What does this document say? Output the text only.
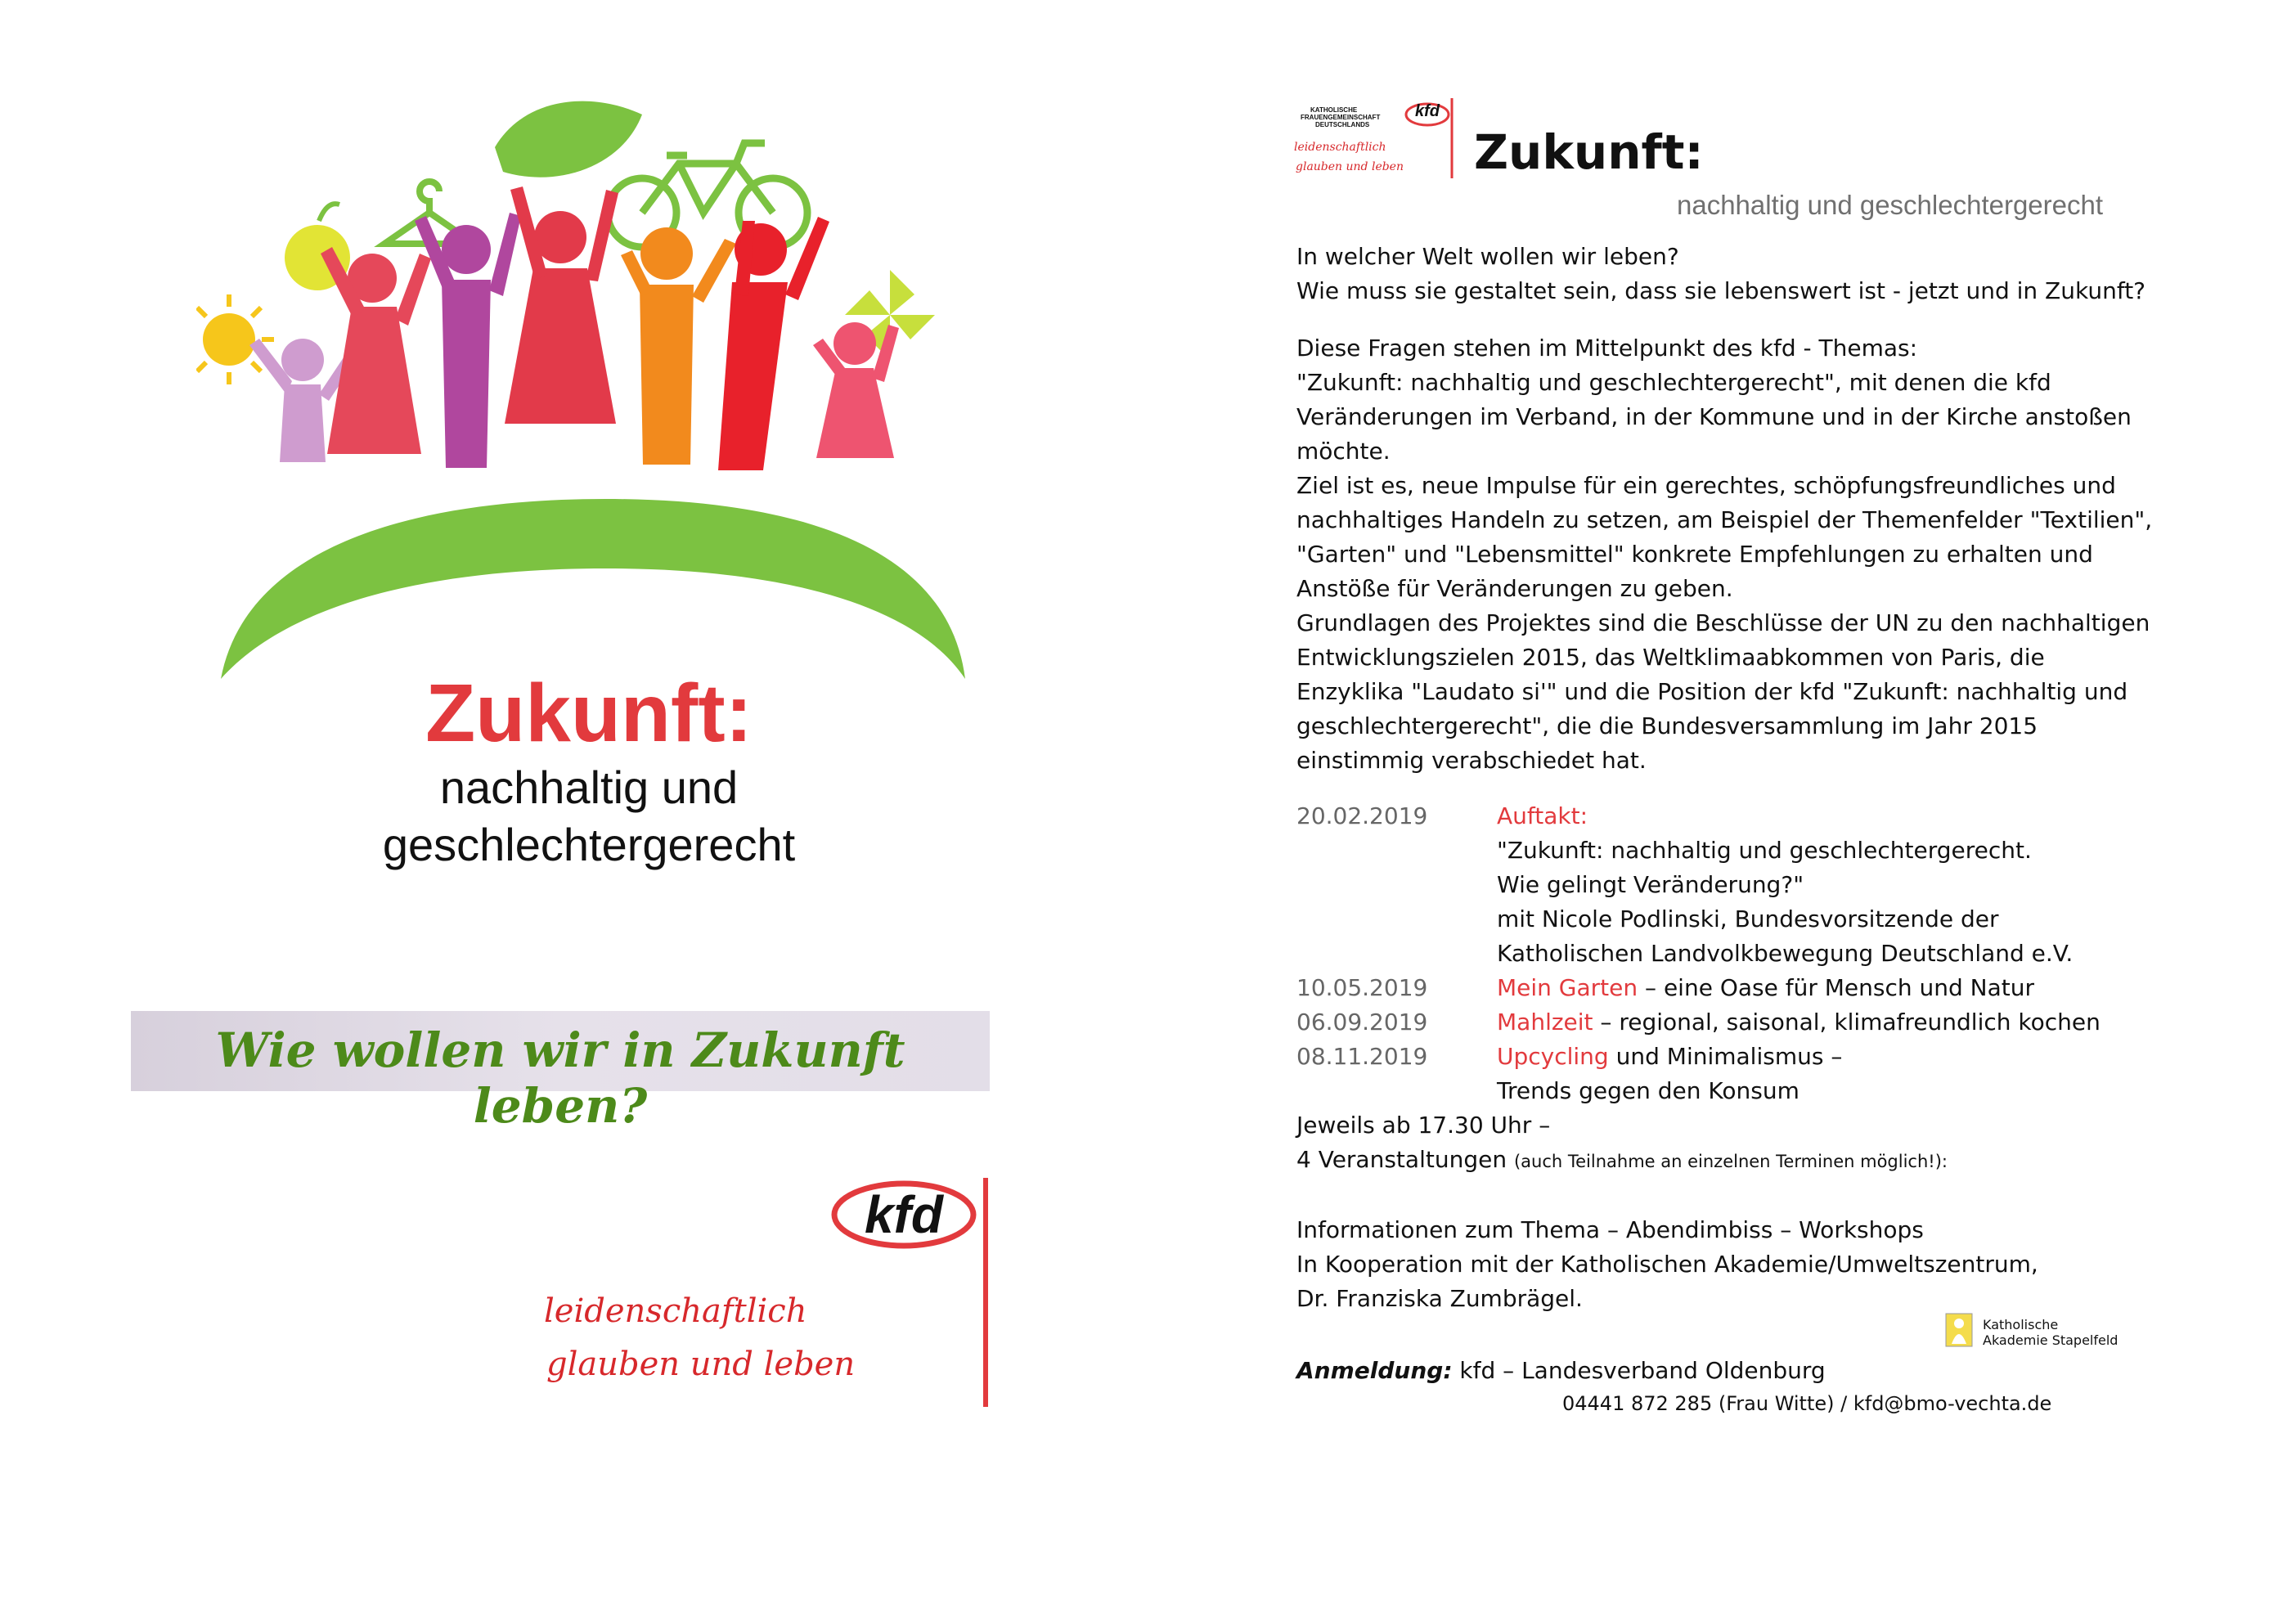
Zukunft:
nachhaltig und
geschlechtergerecht
Wie wollen wir in Zukunft leben?
kfd
leidenschaftlich
glauben und leben
KATHOLISCHE
FRAUENGEMEINSCHAFT
DEUTSCHLANDS
kfd
leidenschaftlich
glauben und leben Zukunft:
nachhaltig und geschlechtergerecht
In welcher Welt wollen wir leben?
Wie muss sie gestaltet sein, dass sie lebenswert ist - jetzt und in Zukunft?
Diese Fragen stehen im Mittelpunkt des kfd - Themas:
"Zukunft: nachhaltig und geschlechtergerecht", mit denen die kfd
Veränderungen im Verband, in der Kommune und in der Kirche anstoßen
möchte.
Ziel ist es, neue Impulse für ein gerechtes, schöpfungsfreundliches und
nachhaltiges Handeln zu setzen, am Beispiel der Themenfelder "Textilien",
"Garten" und "Lebensmittel" konkrete Empfehlungen zu erhalten und
Anstöße für Veränderungen zu geben.
Grundlagen des Projektes sind die Beschlüsse der UN zu den nachhaltigen
Entwicklungszielen 2015, das Weltklimaabkommen von Paris, die
Enzyklika "Laudato si'" und die Position der kfd "Zukunft: nachhaltig und
geschlechtergerecht", die die Bundesversammlung im Jahr 2015
einstimmig verabschiedet hat.
20.02.2019	Auftakt:
"Zukunft: nachhaltig und geschlechtergerecht.
Wie gelingt Veränderung?"
mit Nicole Podlinski, Bundesvorsitzende der
Katholischen Landvolkbewegung Deutschland e.V.
10.05.2019	Mein Garten – eine Oase für Mensch und Natur
06.09.2019	Mahlzeit – regional, saisonal, klimafreundlich kochen
08.11.2019	Upcycling und Minimalismus –
Trends gegen den Konsum
Jeweils ab 17.30 Uhr –
4 Veranstaltungen (auch Teilnahme an einzelnen Terminen möglich!):
Informationen zum Thema – Abendimbiss – Workshops
In Kooperation mit der Katholischen Akademie/Umweltszentrum,
Dr. Franziska Zumbrägel.
Katholische
Akademie Stapelfeld
Anmeldung: kfd – Landesverband Oldenburg
04441 872 285 (Frau Witte) / kfd@bmo-vechta.de
